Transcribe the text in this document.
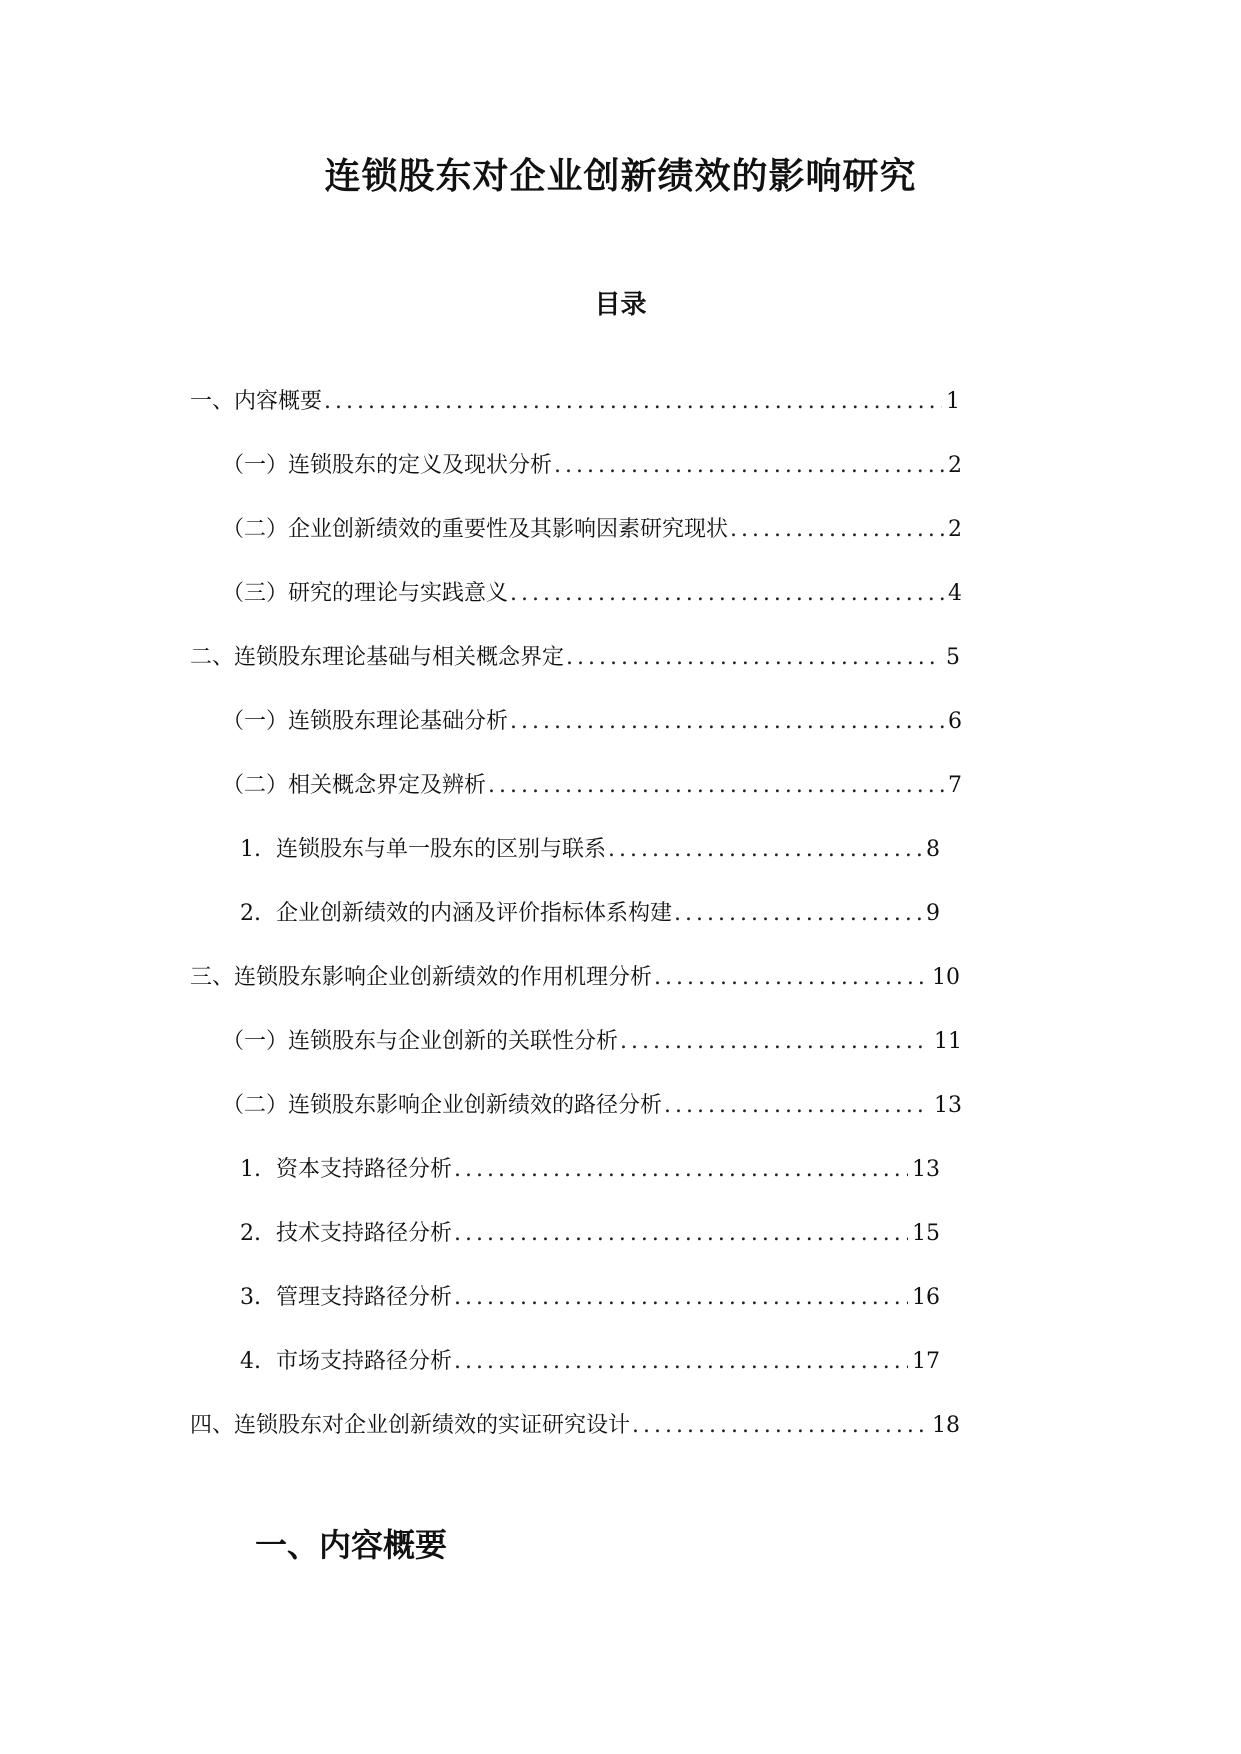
连锁股东对企业创新绩效的影响研究
目录
一、内容概要 .....	1
（一）连锁股东的定义及现状分析 .....	2
（二）企业创新绩效的重要性及其影响因素研究现状 .....	2
（三）研究的理论与实践意义 .....	4
二、连锁股东理论基础与相关概念界定 .....	5
（一）连锁股东理论基础分析 .....	6
（二）相关概念界定及辨析 .....	7
1. 连锁股东与单一股东的区别与联系 .....	8
2. 企业创新绩效的内涵及评价指标体系构建 .....	9
三、连锁股东影响企业创新绩效的作用机理分析 .....	10
（一）连锁股东与企业创新的关联性分析 .....	11
（二）连锁股东影响企业创新绩效的路径分析 .....	13
1. 资本支持路径分析 .....	13
2. 技术支持路径分析 .....	15
3. 管理支持路径分析 .....	16
4. 市场支持路径分析 .....	17
四、连锁股东对企业创新绩效的实证研究设计 .....	18
一、内容概要
